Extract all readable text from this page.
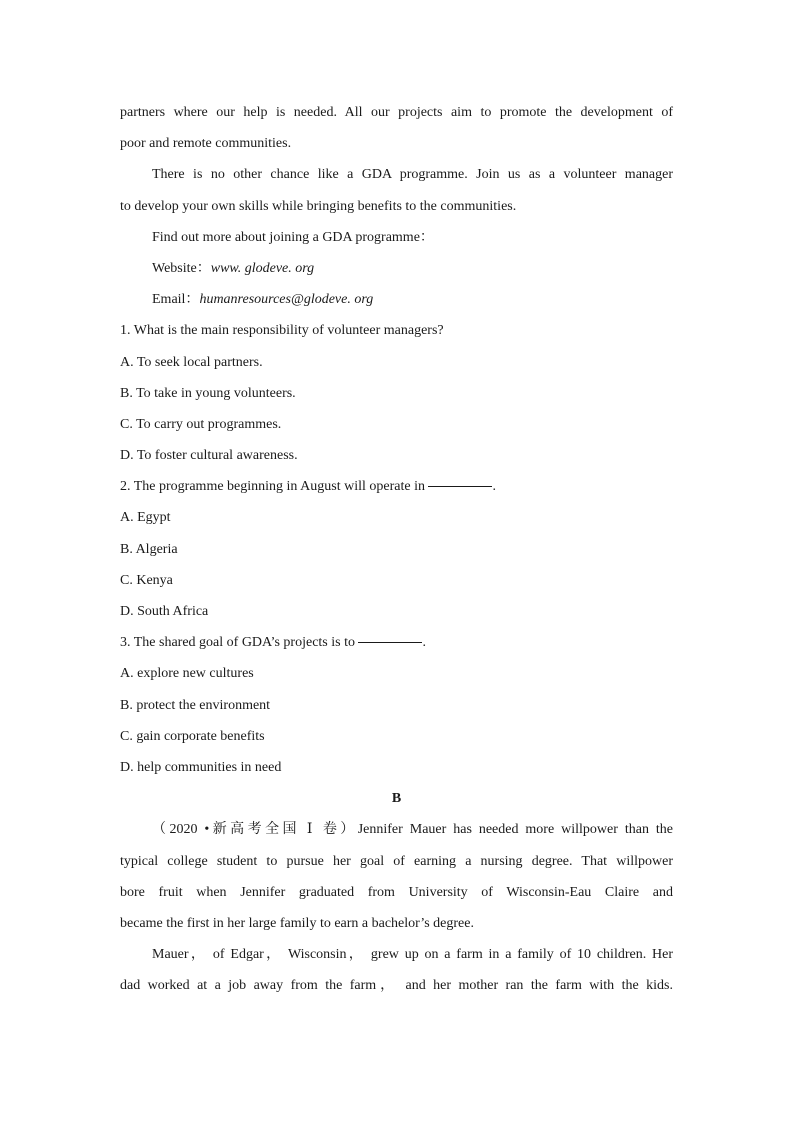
partners where our help is needed. All our projects aim to promote the development of
poor and remote communities.
There is no other chance like a GDA programme. Join us as a volunteer manager
to develop your own skills while bringing benefits to the communities.
Find out more about joining a GDA programme：
Website：www. glodeve. org
Email：humanresources@glodeve. org
1. What is the main responsibility of volunteer managers?
A. To seek local partners.
B. To take in young volunteers.
C. To carry out programmes.
D. To foster cultural awareness.
2. The programme beginning in August will operate in	.
A. Egypt
B. Algeria
C. Kenya
D. South Africa
3. The shared goal of GDA’s projects is to	.
A. explore new cultures
B. protect the environment
C. gain corporate benefits
D. help communities in need
B
（2020 •新高考全国 Ⅰ 卷）Jennifer Mauer has needed more willpower than the
typical college student to pursue her goal of earning a nursing degree. That willpower
bore fruit when Jennifer graduated from University of Wisconsin-Eau Claire and
became the first in her large family to earn a bachelor’s degree.
Mauer， of Edgar， Wisconsin， grew up on a farm in a family of 10 children. Her
dad worked at a job away from the farm， and her mother ran the farm with the kids.
